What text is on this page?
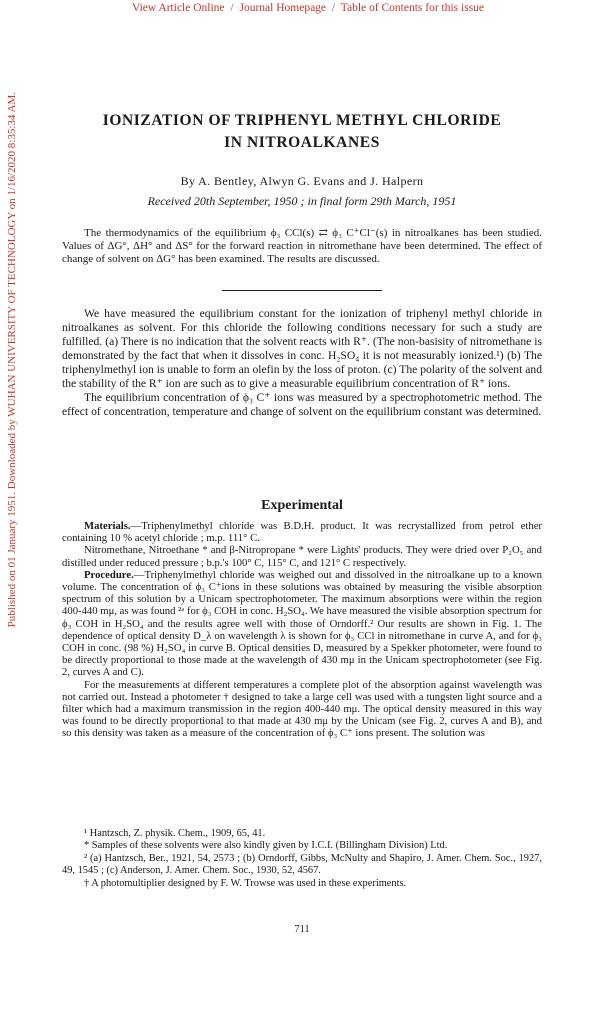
View Article Online / Journal Homepage / Table of Contents for this issue
Published on 01 January 1951. Downloaded by WUHAN UNIVERSITY OF TECHNOLOGY on 1/16/2020 8:35:34 AM.	IONIZATION OF TRIPHENYL METHYL CHLORIDE
IN NITROALKANES
By A. Bentley, Alwyn G. Evans and J. Halpern
Received 20th September, 1950 ; in final form 29th March, 1951

The thermodynamics of the equilibrium ϕ₃ CCl(s) ⇄ ϕ₃ C⁺Cl⁻(s) in nitroalkanes has been studied. Values of ΔG°, ΔH° and ΔS° for the forward reaction in nitromethane have been determined. The effect of change of solvent on ΔG° has been examined. The results are discussed.

We have measured the equilibrium constant for the ionization of triphenyl methyl chloride in nitroalkanes as solvent. For this chloride the following conditions necessary for such a study are fulfilled. (a) There is no indication that the solvent reacts with R⁺. (The non-basisity of nitromethane is demonstrated by the fact that when it dissolves in conc. H₂SO₄ it is not measurably ionized.¹) (b) The triphenylmethyl ion is unable to form an olefin by the loss of proton. (c) The polarity of the solvent and the stability of the R⁺ ion are such as to give a measurable equilibrium concentration of R⁺ ions.

The equilibrium concentration of ϕ₃ C⁺ ions was measured by a spectrophotometric method. The effect of concentration, temperature and change of solvent on the equilibrium constant was determined.

Experimental

Materials.—Triphenylmethyl chloride was B.D.H. product. It was recrystallized from petrol ether containing 10 % acetyl chloride ; m.p. 111° C.

Nitromethane, Nitroethane * and β-Nitropropane * were Lights' products. They were dried over P₂O₅ and distilled under reduced pressure ; b.p.'s 100° C, 115° C, and 121° C respectively.

Procedure.—Triphenylmethyl chloride was weighed out and dissolved in the nitroalkane up to a known volume. The concentration of ϕ₃ C⁺ions in these solutions was obtained by measuring the visible absorption spectrum of this solution by a Unicam spectrophotometer. The maximum absorptions were within the region 400-440 mμ, as was found ²ᵃ for ϕ₃ COH in conc. H₂SO₄. We have measured the visible absorption spectrum for ϕ₃ COH in H₂SO₄ and the results agree well with those of Orndorff.² Our results are shown in Fig. 1. The dependence of optical density D_λ on wavelength λ is shown for ϕ₃ CCl in nitromethane in curve A, and for ϕ₃ COH in conc. (98 %) H₂SO₄ in curve B. Optical densities D, measured by a Spekker photometer, were found to be directly proportional to those made at the wavelength of 430 mμ in the Unicam spectrophotometer (see Fig. 2, curves A and C).

For the measurements at different temperatures a complete plot of the absorption against wavelength was not carried out. Instead a photometer † designed to take a large cell was used with a tungsten light source and a filter which had a maximum transmission in the region 400-440 mμ. The optical density measured in this way was found to be directly proportional to that made at 430 mμ by the Unicam (see Fig. 2, curves A and B), and so this density was taken as a measure of the concentration of ϕ₃ C⁺ ions present. The solution was

¹ Hantzsch, Z. physik. Chem., 1909, 65, 41.

* Samples of these solvents were also kindly given by I.C.I. (Billingham Division) Ltd.

² (a) Hantzsch, Ber., 1921, 54, 2573 ; (b) Orndorff, Gibbs, McNulty and Shapiro, J. Amer. Chem. Soc., 1927, 49, 1545 ; (c) Anderson, J. Amer. Chem. Soc., 1930, 52, 4567.

† A photomultiplier designed by F. W. Trowse was used in these experiments.

711
